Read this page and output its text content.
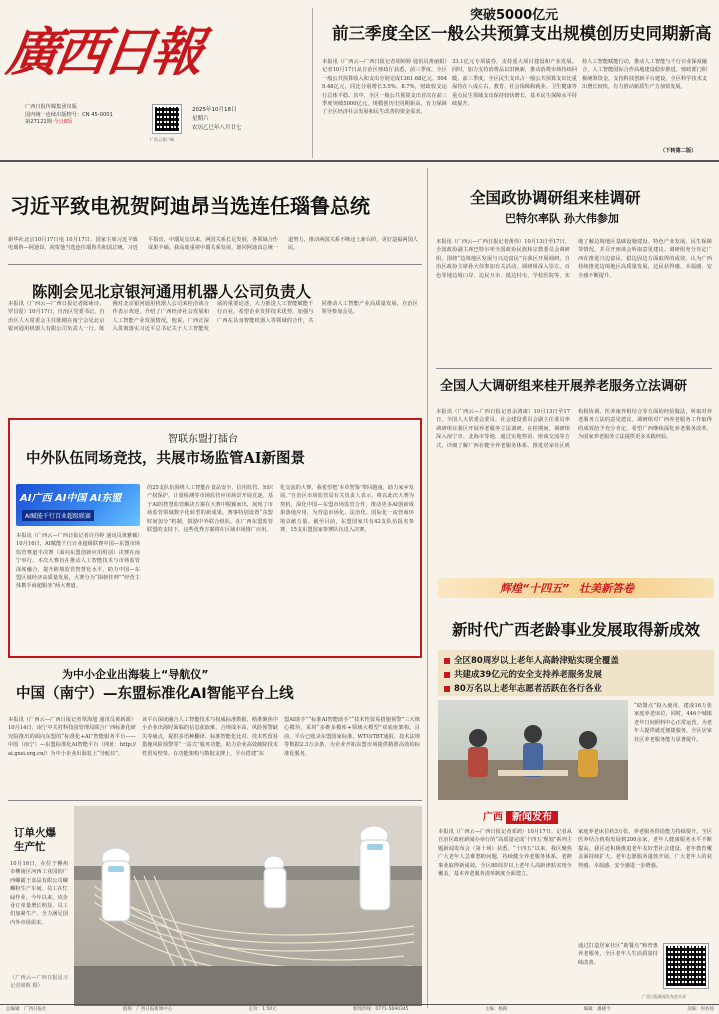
廣西日報
广西日报传媒集团出版
国内统一连续出版物号：CN 45-0001
第27121期 今日8版
广西云客户端
2025年10月18日
星期六
农历乙巳年八月廿七
突破5000亿元
前三季度全区一般公共预算支出规模创历史同期新高
本报讯（广西云—广西日报记者胡婷婷 通讯员黄丽娟）记者10月17日从自治区财政厅获悉，前三季度，全区一般公共预算收入和支出分别完成1361.68亿元、5049.48亿元，同比分别增长3.5%、8.7%，财政收支运行总体平稳。其中，全区一般公共预算支出首次在前三季度突破5000亿元，规模创历史同期新高，有力保障了全区经济社会发展和民生改善的资金需求。
33.1亿元专项债券，支持重大项目建设和产业发展。同时，加力支持消费品以旧换新，推动消费市场持续回暖。前三季度，全区民生支出占一般公共预算支出比重保持在八成左右，教育、社会保障和就业、卫生健康等重点民生领域支出保持较快增长，基本民生保障水平持续提升。
持人工智能赋能行动，推动人工智能与千行百业深度融合，人工智能国际合作高地建设稳步推进。财政部门积极统筹资金，支持科技创新平台建设，全区科学技术支出增长较快，有力推动新质生产力加快发展。
（下转第二版）
习近平致电祝贺阿迪昂当选连任瑙鲁总统
新华社北京10月17日电 10月17日，国家主席习近平致电瑙鲁—阿迪昂，祝贺他当选连任瑙鲁共和国总统。习近平指出，中瑙复交以来，两国关系长足发展，各领域合作成果丰硕。我高度重视中瑙关系发展，愿同阿迪昂总统一道努力，推动两国关系不断迈上新台阶，更好造福两国人民。
陈刚会见北京银河通用机器人公司负责人
本报讯（广西云—广西日报记者陈咏诗、罗昌爱）10月17日，自治区党委书记、自治区人大常委会主任陈刚在南宁会见北京银河通用机器人有限公司负责人一行。陈刚对北京银河通用机器人公司来桂洽谈合作表示欢迎，介绍了广西经济社会发展和人工智能产业发展情况。他说，广西正深入贯彻落实习近平总书记关于人工智能发展的重要论述，大力推进人工智能赋能千行百业，希望企业发挥技术优势，加强与广西在具身智能机器人等领域的合作，共同推动人工智能产业高质量发展。自治区领导参加会见。
全国政协调研组来桂调研
巴特尔率队 孙大伟参加
本报讯（广西云—广西日报记者黄伟）10月13日至17日，全国政协副主席巴特尔率全国政协民族和宗教委员会调研组，围绕“边境地区发展与兴边富民”在我区开展调研。自治区政协主席孙大伟参加有关活动。调研组深入崇左、百色等地边境口岸、边民互市、抵边村屯、学校医院等，实地了解边境地区基础设施建设、特色产业发展、民生保障等情况，并召开座谈会听取意见建议。调研组充分肯定广西在推进兴边富民、稳边固边方面取得的成效，认为广西持续推进边境地区高质量发展，边民获得感、幸福感、安全感不断提升。
全国人大调研组来桂开展养老服务立法调研
本报讯（广西云—广西日报记者余鸿康）10月13日至17日，全国人大常委会委员、社会建设委员会副主任委员率调研组在我区开展养老服务立法调研。在桂期间，调研组深入南宁市、北海市等地，通过实地察看、座谈交流等方式，详细了解广西在健全养老服务体系、推进居家社区机构相协调、医养康养相结合等方面的经验做法，听取对养老服务立法的意见建议。调研组对广西养老服务工作取得的成效给予充分肯定，希望广西继续深化养老服务改革，为国家养老服务立法提供更多实践经验。
智联东盟打擂台
中外队伍同场竞技，共展市场监管AI新图景
AI广西 AI中国 AI东盟
AI赋能千行百业超级联赛
本报讯（广西云—广西日报记者许丹婷 通讯员黄雅颖）10月16日，AI赋能千行百业超级联赛中国—东盟市场监管赛道半决赛（面向东盟创新应用组别）决赛在南宁举行。本次大赛旨在推动人工智能技术与市场监管深度融合，提升跨境监管智慧化水平，助力中国—东盟区域经济高质量发展。大赛分为“揭榜挂帅”“经营主体携手商超服务”两大赛道。
的25支队伍围绕人工智能在食品安全、信用监管、知识产权保护、计量检测等市场监管应用场景开展竞逐。基于AI的智慧监管解决方案在大赛中脱颖而出，展现了市场监管领域数字化转型的新成果。赛事特别设置“东盟时间加分”机制，鼓励中外联合组队。在广西东盟监管联盟的支持下，这些优秀方案将在区域市场推广应用。
化交流的大赛。我希望把‘本草智鉴’带回越南，助力家乡发展。”自治区市场监管局有关负责人表示，将以此次大赛为契机，深化中国—东盟市场监管合作，推动更多AI创新成果落地应用，为营造市场化、法治化、国际化一流营商环境贡献力量。截至目前，东盟国家共有42支队伍报名参赛，15支东盟国家参赛队伍进入决赛。
为中小企业出海装上“导航仪”
中国（南宁）—东盟标准化AI智能平台上线
本报讯（广西云—广西日报记者覃海旭 通讯员黄新源）10月14日，南宁中关村科技园管理局联合广西标准化研究院推出的面向东盟的“标准化+AI”智能服务平台——中国（南宁）—东盟标准化AI智能平台（网址：http://ai.gxsi.org.cn/）为中小企业出海装上“导航仪”。
该平台深度融合人工智能技术与权威标准数据，精准聚焦中小企业出海时面临的信息获取难、合规成本高、风险预警缺失等痛点，提供多语种翻译、标准智能化比对、技术性贸易措施风险预警等“一站式”服务功能，助力企业高效破除技术性贸易壁垒。在功能架构与数据支撑上，平台搭建“东
盟AI助手”“标准AI智能助手”“技术性贸易措施预警”三大核心模块，采用“多维多模库+领域大模型”双底座架构。目前，平台已收录东盟国家标准、WTO/TBT通报、技术法规等数据2.3万余条，为企业开拓东盟市场提供精准高效的标准化服务。
订单火爆 生产忙
10月16日，在位于柳州市柳南区河西工业园的广西螺霸王食品有限公司螺蛳粉生产车间，员工在忙碌作业。今年以来，该企业订单量增长明显，员工们加紧生产，全力满足国内外市场需求。
（广西云—广西日报见习记者梁晖 摄）
辉煌“十四五” 壮美新答卷
新时代广西老龄事业发展取得新成效
全区80周岁以上老年人高龄津贴实现全覆盖
共建成39亿元的安全支持养老服务发展
80万名以上老年志愿者活跃在各行各业
“助餐点”投入使用，建成16万张家庭养老床位，同时，446个城镇老年日间照料中心正常运营，为老年人提供就近便捷服务，全区居家社区养老服务能力显著提升。
广西 新闻发布
本报讯（广西云—广西日报记者邓鸿）10月17日，记者从自治区政府新闻办举行的“高质量完成‘十四五’规划”系列主题新闻发布会（第十场）获悉，“十四五”以来，我区聚焦广大老年人急难愁盼问题，持续健全养老服务体系，老龄事业取得新成效。全区80周岁以上老年人高龄津贴实现全覆盖，基本养老服务清单制度全面建立。
家庭养老床位约3万张，养老服务供给能力持续提升。全区医养结合机构发展到200余家，老年人健康服务水平不断提高。我区还积极推进老年友好型社会建设，老年教育覆盖面持续扩大，老年志愿服务蓬勃开展，广大老年人的获得感、幸福感、安全感进一步增强。
通过打造居家社区“助餐点”和普惠养老服务，全区老年人生活质量持续改善。
广西日报新闻发布会实录
总编辑：广西日报社	值班：广西日报新闻中心	定价：1.50元	新闻热线：0771-5690345	主编：杨跃	编辑：潘晓今	美编：何名扬
